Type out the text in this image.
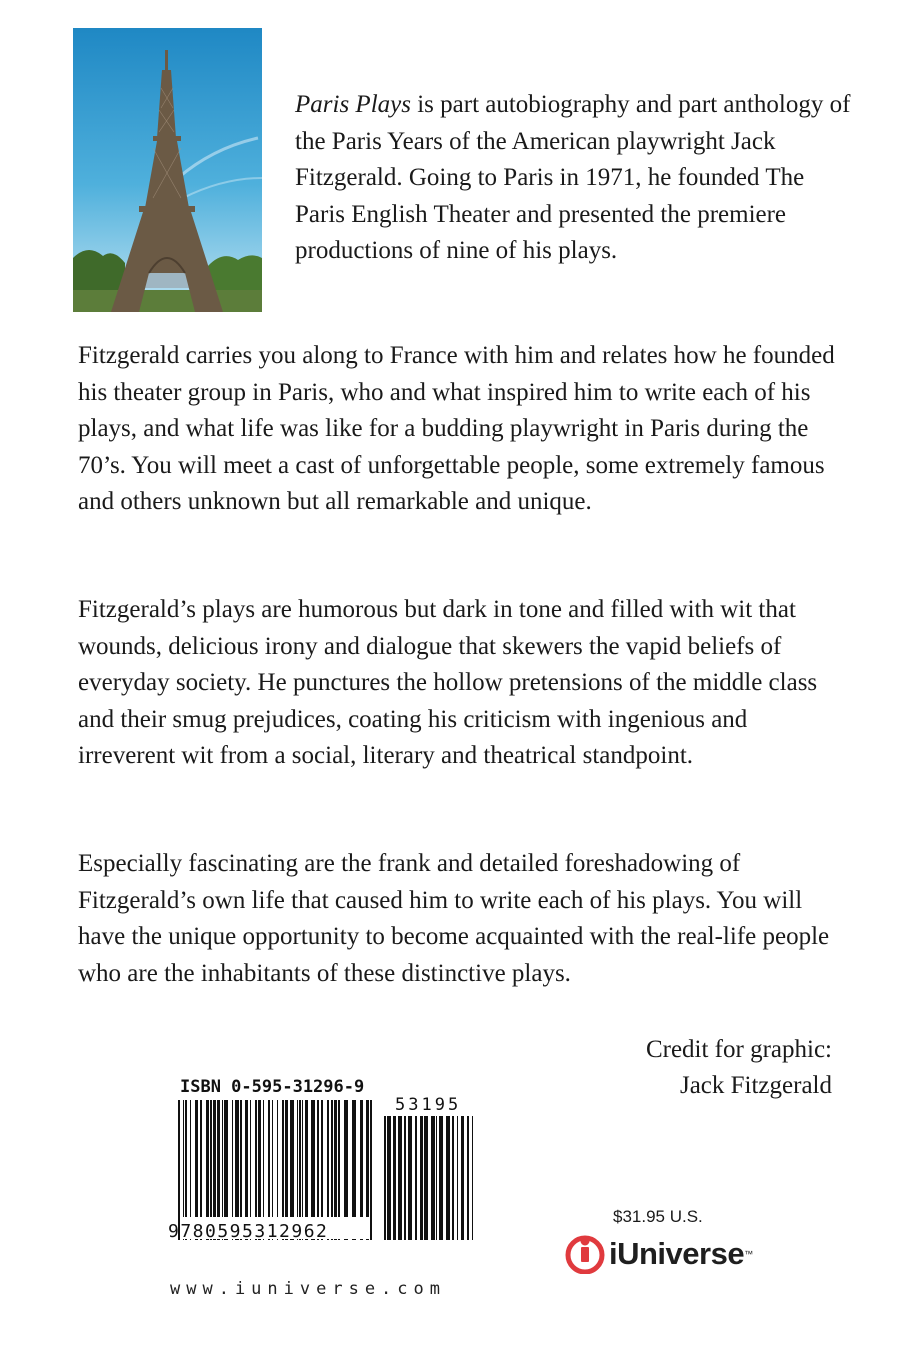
Paris Plays is part autobiography and part anthology of the Paris Years of the American playwright Jack Fitzgerald. Going to Paris in 1971, he founded The Paris English Theater and presented the premiere productions of nine of his plays.

Fitzgerald carries you along to France with him and relates how he founded his theater group in Paris, who and what inspired him to write each of his plays, and what life was like for a budding playwright in Paris during the 70’s. You will meet a cast of unforgettable people, some extremely famous and others unknown but all remarkable and unique.

Fitzgerald’s plays are humorous but dark in tone and filled with wit that wounds, delicious irony and dialogue that skewers the vapid beliefs of everyday society. He punctures the hollow pretensions of the middle class and their smug prejudices, coating his criticism with ingenious and irreverent wit from a social, literary and theatrical standpoint.

Especially fascinating are the frank and detailed foreshadowing of Fitzgerald’s own life that caused him to write each of his plays. You will have the unique opportunity to become acquainted with the real-life people who are the inhabitants of these distinctive plays.

Credit for graphic:
Jack Fitzgerald
ISBN 0-595-31296-9
53195
9780595312962
www.iuniverse.com
$31.95 U.S.
iUniverse ™
